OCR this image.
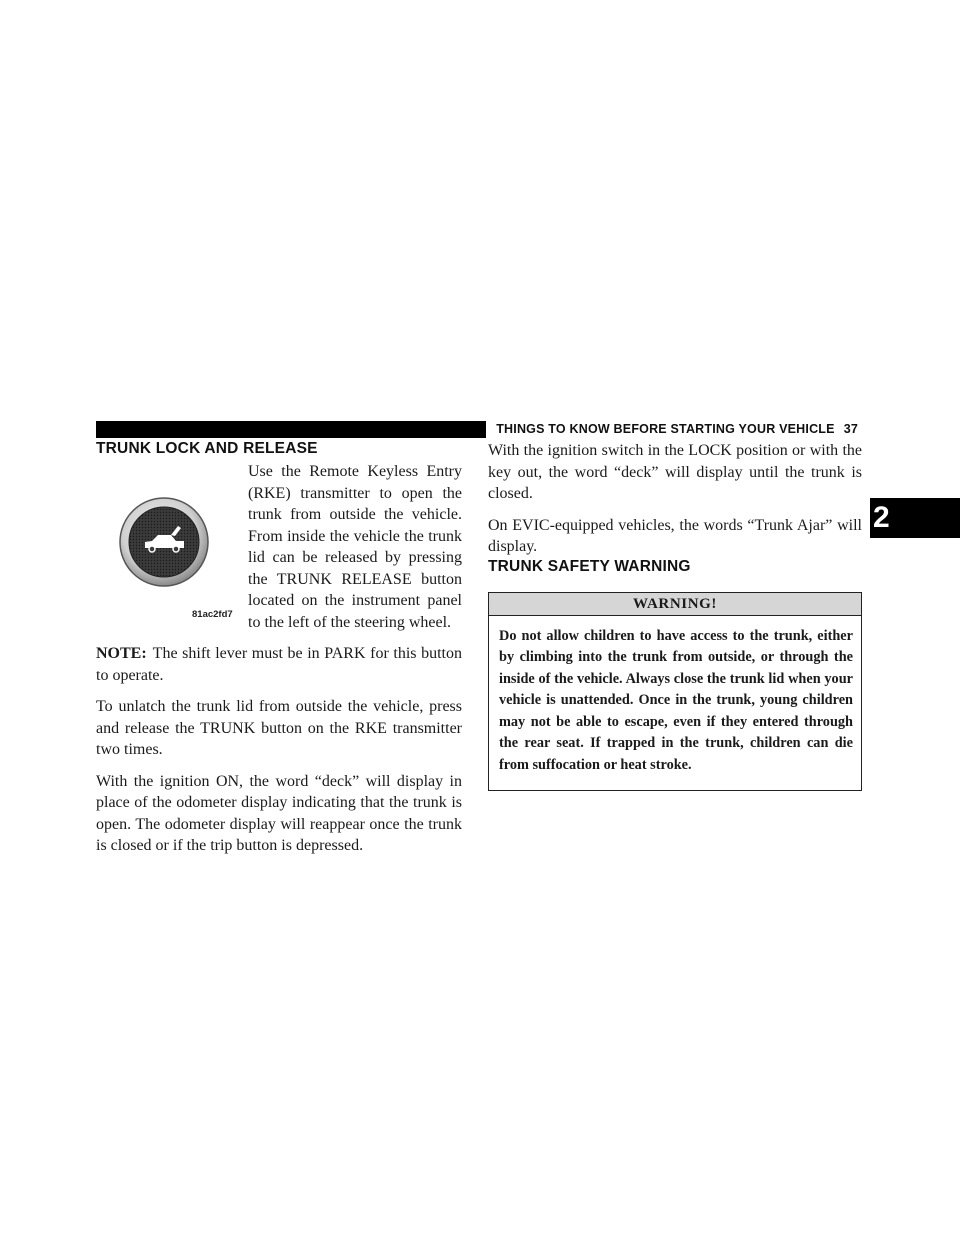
THINGS TO KNOW BEFORE STARTING YOUR VEHICLE 37
2
TRUNK LOCK AND RELEASE
81ac2fd7

Use the Remote Keyless Entry (RKE) transmitter to open the trunk from outside the vehicle. From inside the vehicle the trunk lid can be released by pressing the TRUNK RELEASE button located on the instrument panel to the left of the steering wheel.

NOTE: The shift lever must be in PARK for this button to operate.

To unlatch the trunk lid from outside the vehicle, press and release the TRUNK button on the RKE transmitter two times.

With the ignition ON, the word “deck” will display in place of the odometer display indicating that the trunk is open. The odometer display will reappear once the trunk is closed or if the trip button is depressed.

With the ignition switch in the LOCK position or with the key out, the word “deck” will display until the trunk is closed.

On EVIC-equipped vehicles, the words “Trunk Ajar” will display.

TRUNK SAFETY WARNING
WARNING!
Do not allow children to have access to the trunk, either by climbing into the trunk from outside, or through the inside of the vehicle. Always close the trunk lid when your vehicle is unattended. Once in the trunk, young children may not be able to escape, even if they entered through the rear seat. If trapped in the trunk, children can die from suffocation or heat stroke.
